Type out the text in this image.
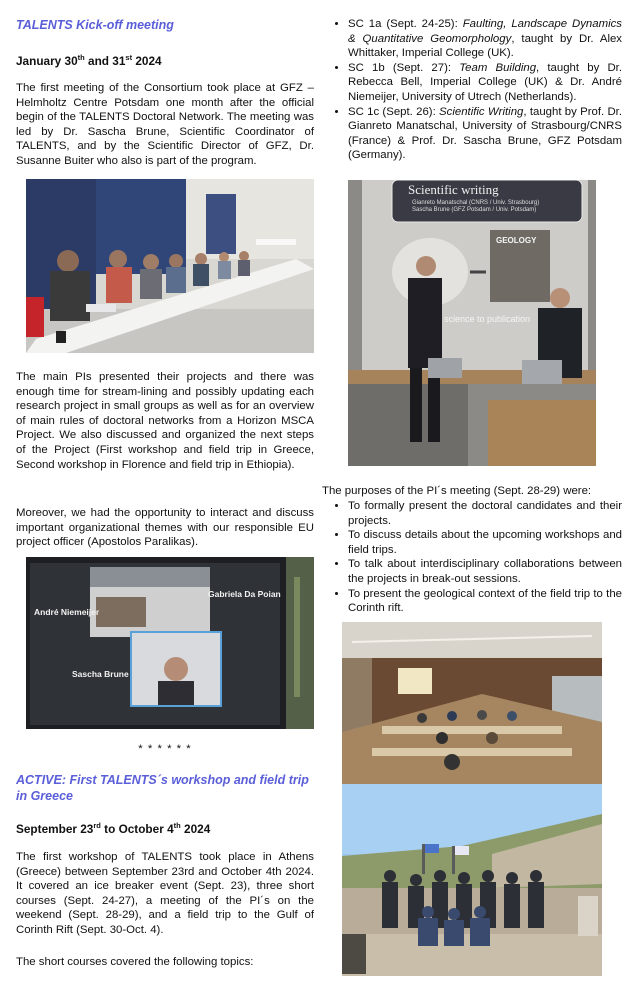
TALENTS Kick-off meeting

January 30th and 31st 2024

The first meeting of the Consortium took place at GFZ – Helmholtz Centre Potsdam one month after the official begin of the TALENTS Doctoral Network. The meeting was led by Dr. Sascha Brune, Scientific Coordinator of TALENTS, and by the Scientific Director of GFZ, Dr. Susanne Buiter who also is part of the program.

The main PIs presented their projects and there was enough time for stream-lining and possibly updating each research project in small groups as well as for an overview of main rules of doctoral networks from a Horizon MSCA Project. We also discussed and organized the next steps of the Project (First workshop and field trip in Greece, Second workshop in Florence and field trip in Ethiopia).

Moreover, we had the opportunity to interact and discuss important organizational themes with our responsible EU project officer (Apostolos Paralikas).

André Niemeijer
Gabriela Da Poian
Sascha Brune
* * * * * *
ACTIVE: First TALENTS´s workshop and field trip in Greece

September 23rd to October 4th 2024

The first workshop of TALENTS took place in Athens (Greece) between September 23rd and October 4th 2024. It covered an ice breaker event (Sept. 23), three short courses (Sept. 24-27), a meeting of the PI´s on the weekend (Sept. 28-29), and a field trip to the Gulf of Corinth Rift (Sept. 30-Oct. 4).

The short courses covered the following topics:

• SC 1a (Sept. 24-25): Faulting, Landscape Dynamics & Quantitative Geomorphology, taught by Dr. Alex Whittaker, Imperial College (UK).
• SC 1b (Sept. 27): Team Building, taught by Dr. Rebecca Bell, Imperial College (UK) & Dr. André Niemeijer, University of Utrech (Netherlands).
• SC 1c (Sept. 26): Scientific Writing, taught by Prof. Dr. Gianreto Manatschal, University of Strasbourg/CNRS (France) & Prof. Dr. Sascha Brune, GFZ Potsdam (Germany).
Scientific writing
Gianreto Manatschal (CNRS / Univ. Strasbourg)
Sascha Brune (GFZ Potsdam / Univ. Potsdam)
GEOLOGY
science to publication

The purposes of the PI´s meeting (Sept. 28-29) were:

• To formally present the doctoral candidates and their projects.
• To discuss details about the upcoming workshops and field trips.
• To talk about interdisciplinary collaborations between the projects in break-out sessions.
• To present the geological context of the field trip to the Corinth rift.
